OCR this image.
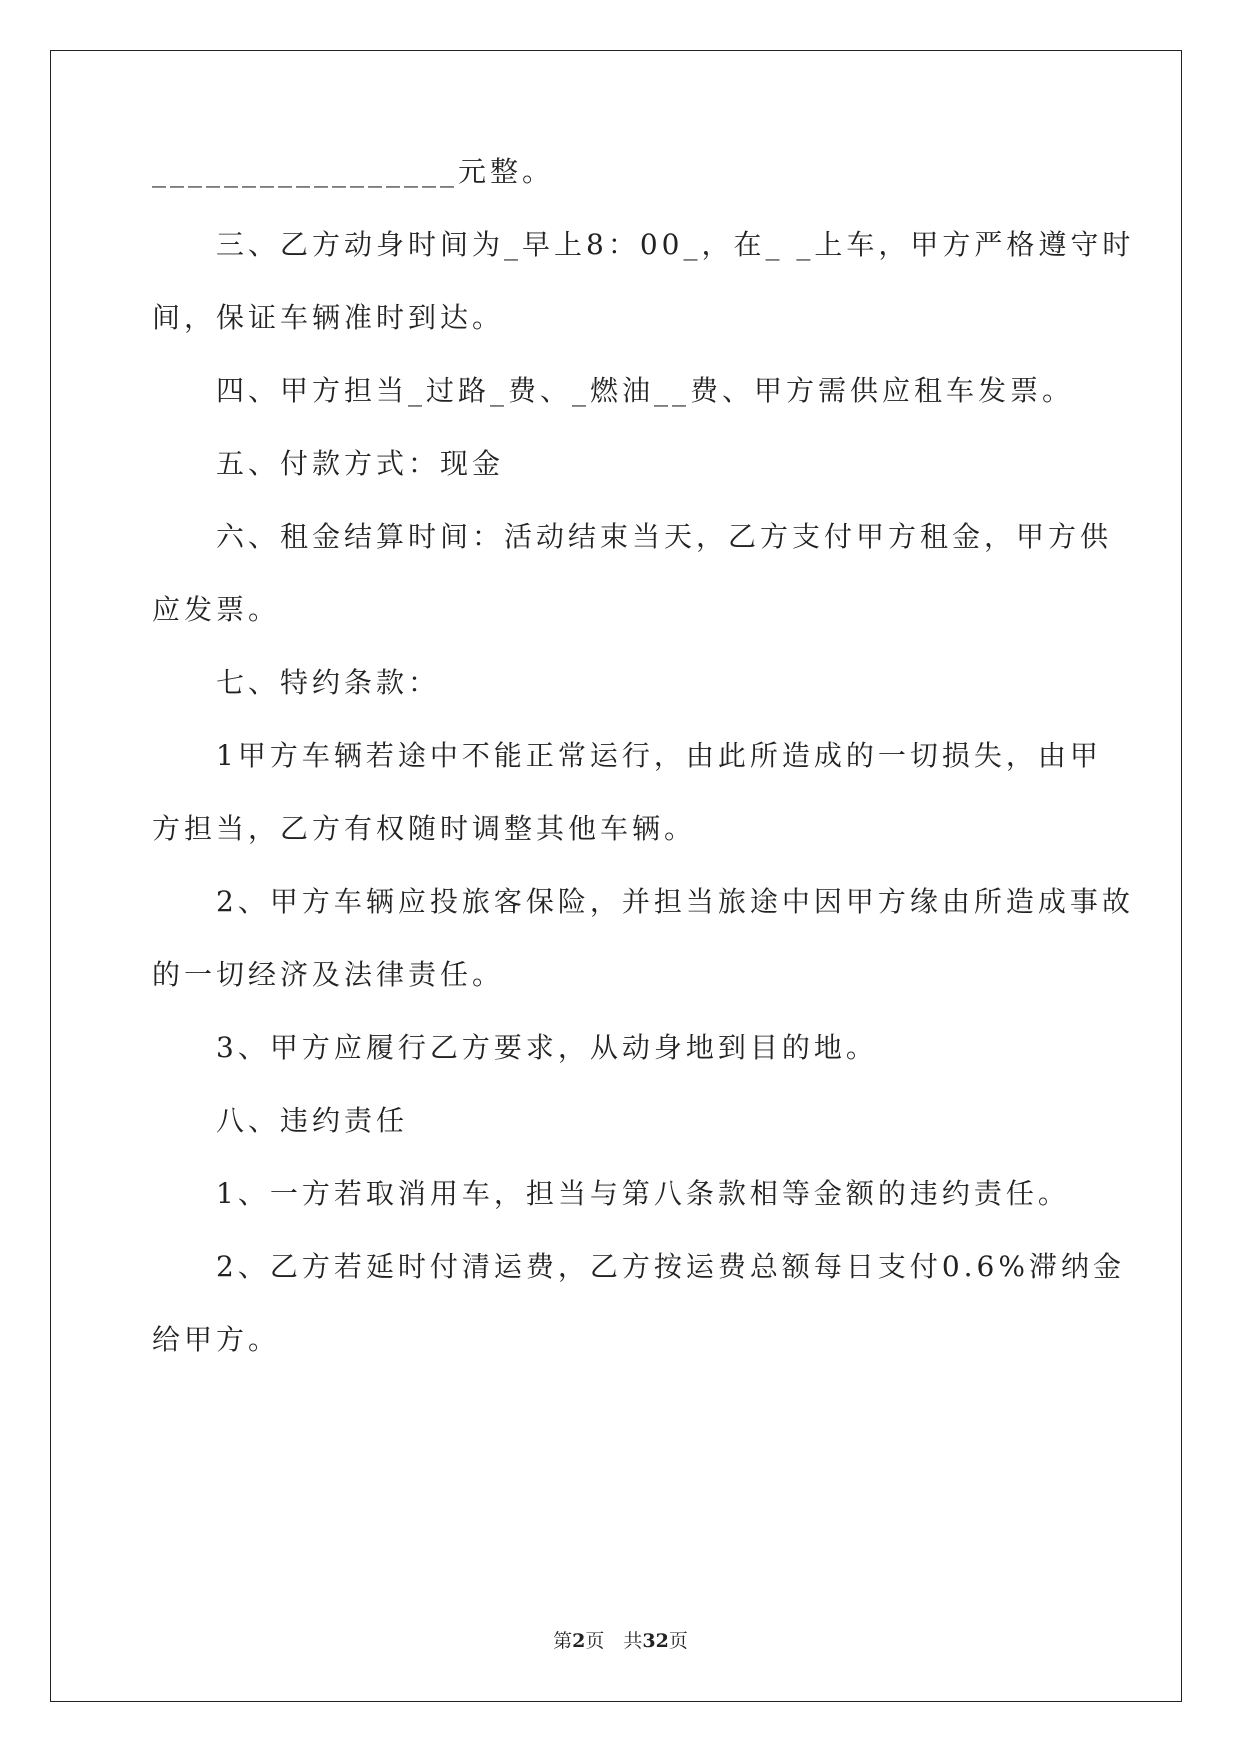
_________________元整。
三、乙方动身时间为_早上8：00_，在_ _上车，甲方严格遵守时
间，保证车辆准时到达。
四、甲方担当_过路_费、_燃油__费、甲方需供应租车发票。
五、付款方式：现金
六、租金结算时间：活动结束当天，乙方支付甲方租金，甲方供
应发票。
七、特约条款：
1甲方车辆若途中不能正常运行，由此所造成的一切损失，由甲
方担当，乙方有权随时调整其他车辆。
2、甲方车辆应投旅客保险，并担当旅途中因甲方缘由所造成事故
的一切经济及法律责任。
3、甲方应履行乙方要求，从动身地到目的地。
八、违约责任
1、一方若取消用车，担当与第八条款相等金额的违约责任。
2、乙方若延时付清运费，乙方按运费总额每日支付0.6%滞纳金
给甲方。
第2页　共32页
